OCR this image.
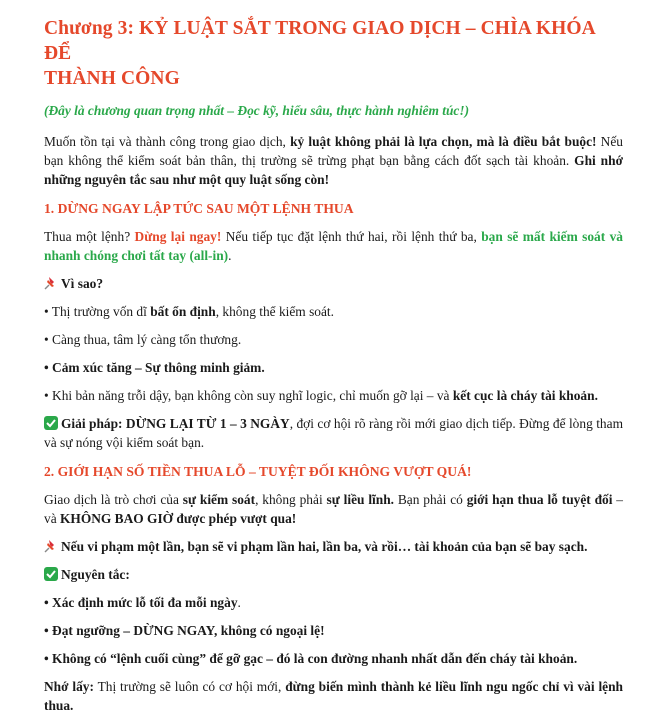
Chương 3: KỶ LUẬT SẮT TRONG GIAO DỊCH – CHÌA KHÓA ĐỂ
THÀNH CÔNG

(Đây là chương quan trọng nhất – Đọc kỹ, hiểu sâu, thực hành nghiêm túc!)

Muốn tồn tại và thành công trong giao dịch, kỷ luật không phải là lựa chọn, mà là điều bắt buộc! Nếu bạn không thể kiểm soát bản thân, thị trường sẽ trừng phạt bạn bằng cách đốt sạch tài khoản. Ghi nhớ những nguyên tắc sau như một quy luật sống còn!

1. DỪNG NGAY LẬP TỨC SAU MỘT LỆNH THUA

Thua một lệnh? Dừng lại ngay! Nếu tiếp tục đặt lệnh thứ hai, rồi lệnh thứ ba, bạn sẽ mất kiếm soát và nhanh chóng chơi tất tay (all-in).

Vì sao?

• Thị trường vốn dĩ bất ổn định, không thể kiểm soát.

• Càng thua, tâm lý càng tổn thương.

• Cảm xúc tăng – Sự thông minh giảm.

• Khi bản năng trỗi dậy, bạn không còn suy nghĩ logic, chỉ muốn gỡ lại – và kết cục là cháy tài khoản.

Giải pháp: DỪNG LẠI TỪ 1 – 3 NGÀY, đợi cơ hội rõ ràng rồi mới giao dịch tiếp. Đừng để lòng tham và sự nóng vội kiểm soát bạn.

2. GIỚI HẠN SỐ TIỀN THUA LỖ – TUYỆT ĐỐI KHÔNG VƯỢT QUÁ!

Giao dịch là trò chơi của sự kiểm soát, không phải sự liều lĩnh. Bạn phải có giới hạn thua lỗ tuyệt đối – và KHÔNG BAO GIỜ được phép vượt qua!

Nếu vi phạm một lần, bạn sẽ vi phạm lần hai, lần ba, và rồi… tài khoản của bạn sẽ bay sạch.

Nguyên tắc:

• Xác định mức lỗ tối đa mỗi ngày.

• Đạt ngưỡng – DỪNG NGAY, không có ngoại lệ!

• Không có “lệnh cuối cùng” để gỡ gạc – đó là con đường nhanh nhất dẫn đến cháy tài khoản.

Nhớ lấy: Thị trường sẽ luôn có cơ hội mới, đừng biến mình thành kẻ liều lĩnh ngu ngốc chỉ vì vài lệnh thua.
